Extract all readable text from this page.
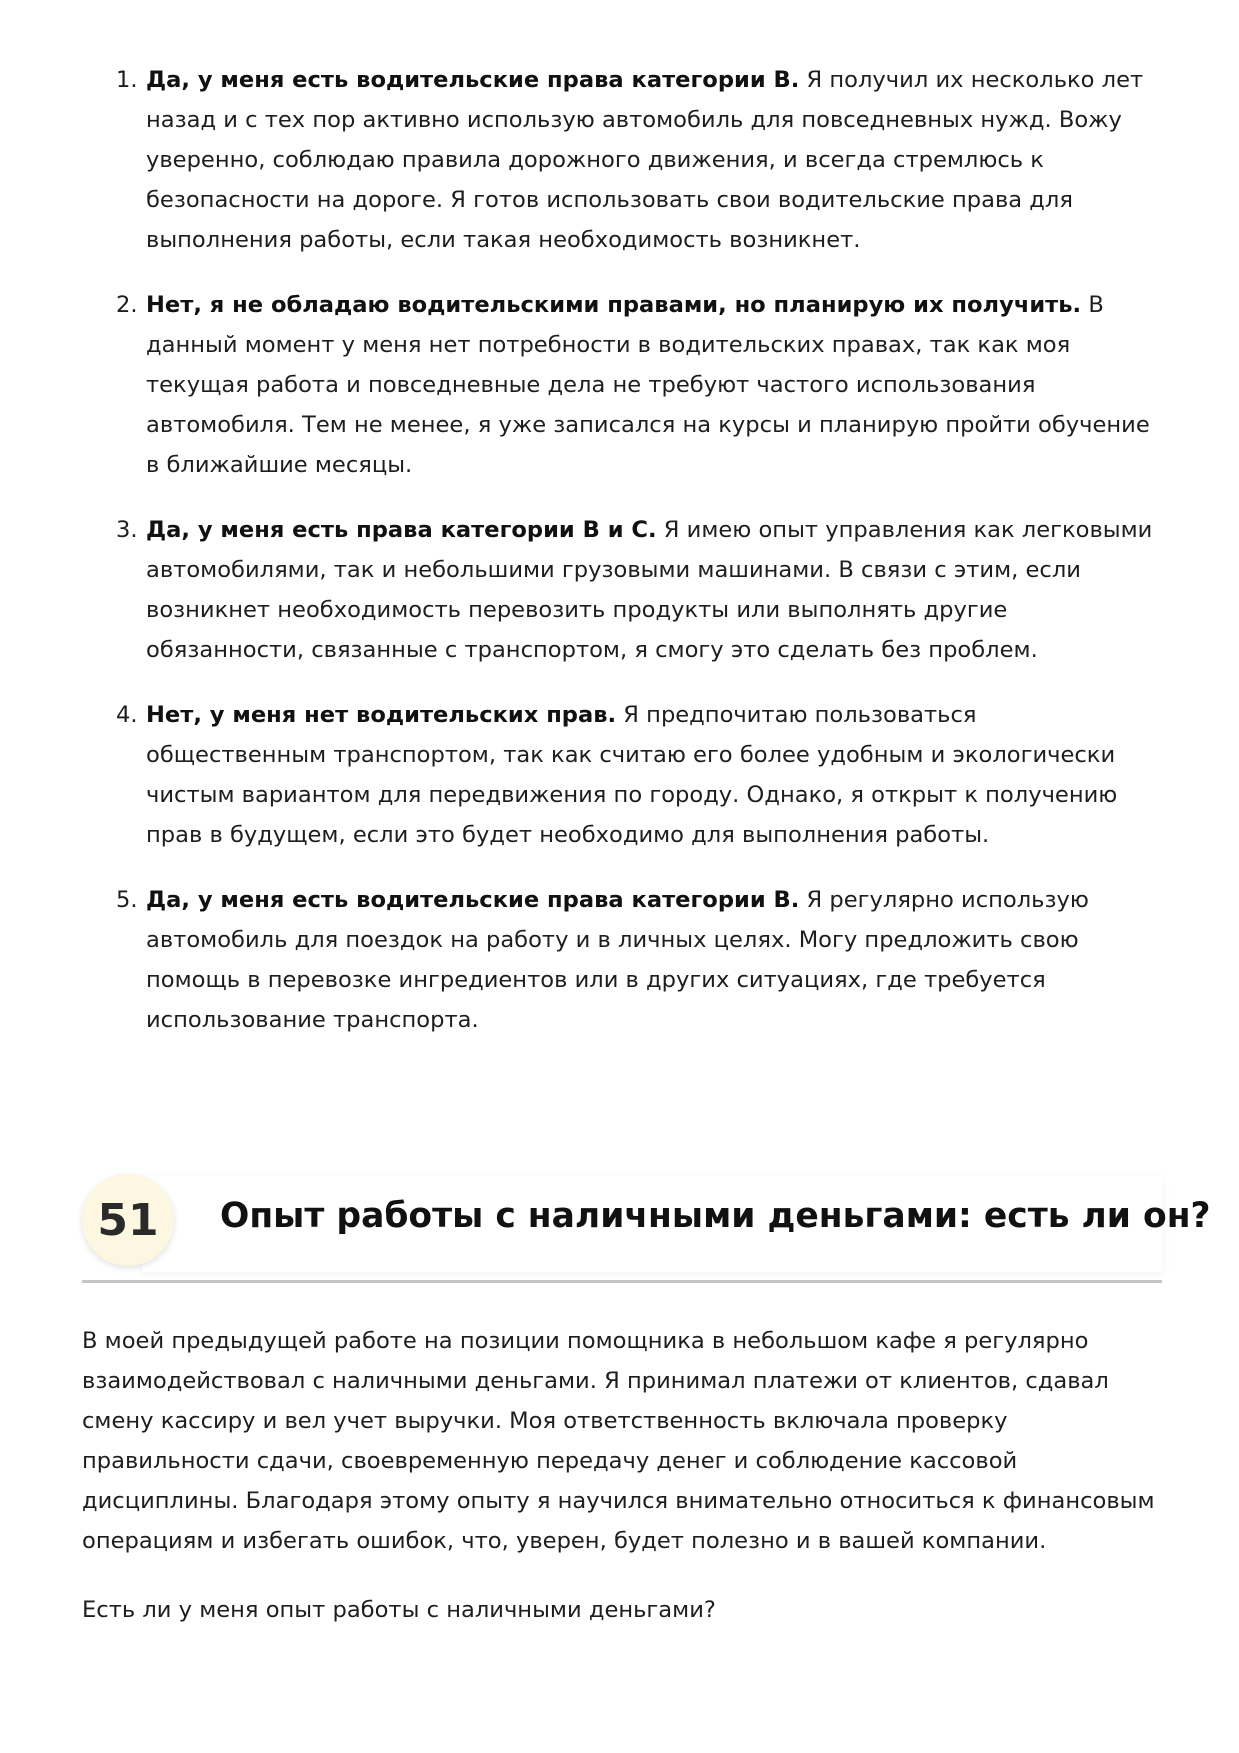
1. Да, у меня есть водительские права категории B. Я получил их несколько лет назад и с тех пор активно использую автомобиль для повседневных нужд. Вожу уверенно, соблюдаю правила дорожного движения, и всегда стремлюсь к безопасности на дороге. Я готов использовать свои водительские права для выполнения работы, если такая необходимость возникнет.
2. Нет, я не обладаю водительскими правами, но планирую их получить. В данный момент у меня нет потребности в водительских правах, так как моя текущая работа и повседневные дела не требуют частого использования автомобиля. Тем не менее, я уже записался на курсы и планирую пройти обучение в ближайшие месяцы.
3. Да, у меня есть права категории B и C. Я имею опыт управления как легковыми автомобилями, так и небольшими грузовыми машинами. В связи с этим, если возникнет необходимость перевозить продукты или выполнять другие обязанности, связанные с транспортом, я смогу это сделать без проблем.
4. Нет, у меня нет водительских прав. Я предпочитаю пользоваться общественным транспортом, так как считаю его более удобным и экологически чистым вариантом для передвижения по городу. Однако, я открыт к получению прав в будущем, если это будет необходимо для выполнения работы.
5. Да, у меня есть водительские права категории B. Я регулярно использую автомобиль для поездок на работу и в личных целях. Могу предложить свою помощь в перевозке ингредиентов или в других ситуациях, где требуется использование транспорта.
51	Опыт работы с наличными деньгами: есть ли он?

В моей предыдущей работе на позиции помощника в небольшом кафе я регулярно взаимодействовал с наличными деньгами. Я принимал платежи от клиентов, сдавал смену кассиру и вел учет выручки. Моя ответственность включала проверку правильности сдачи, своевременную передачу денег и соблюдение кассовой дисциплины. Благодаря этому опыту я научился внимательно относиться к финансовым операциям и избегать ошибок, что, уверен, будет полезно и в вашей компании.

Есть ли у меня опыт работы с наличными деньгами?
